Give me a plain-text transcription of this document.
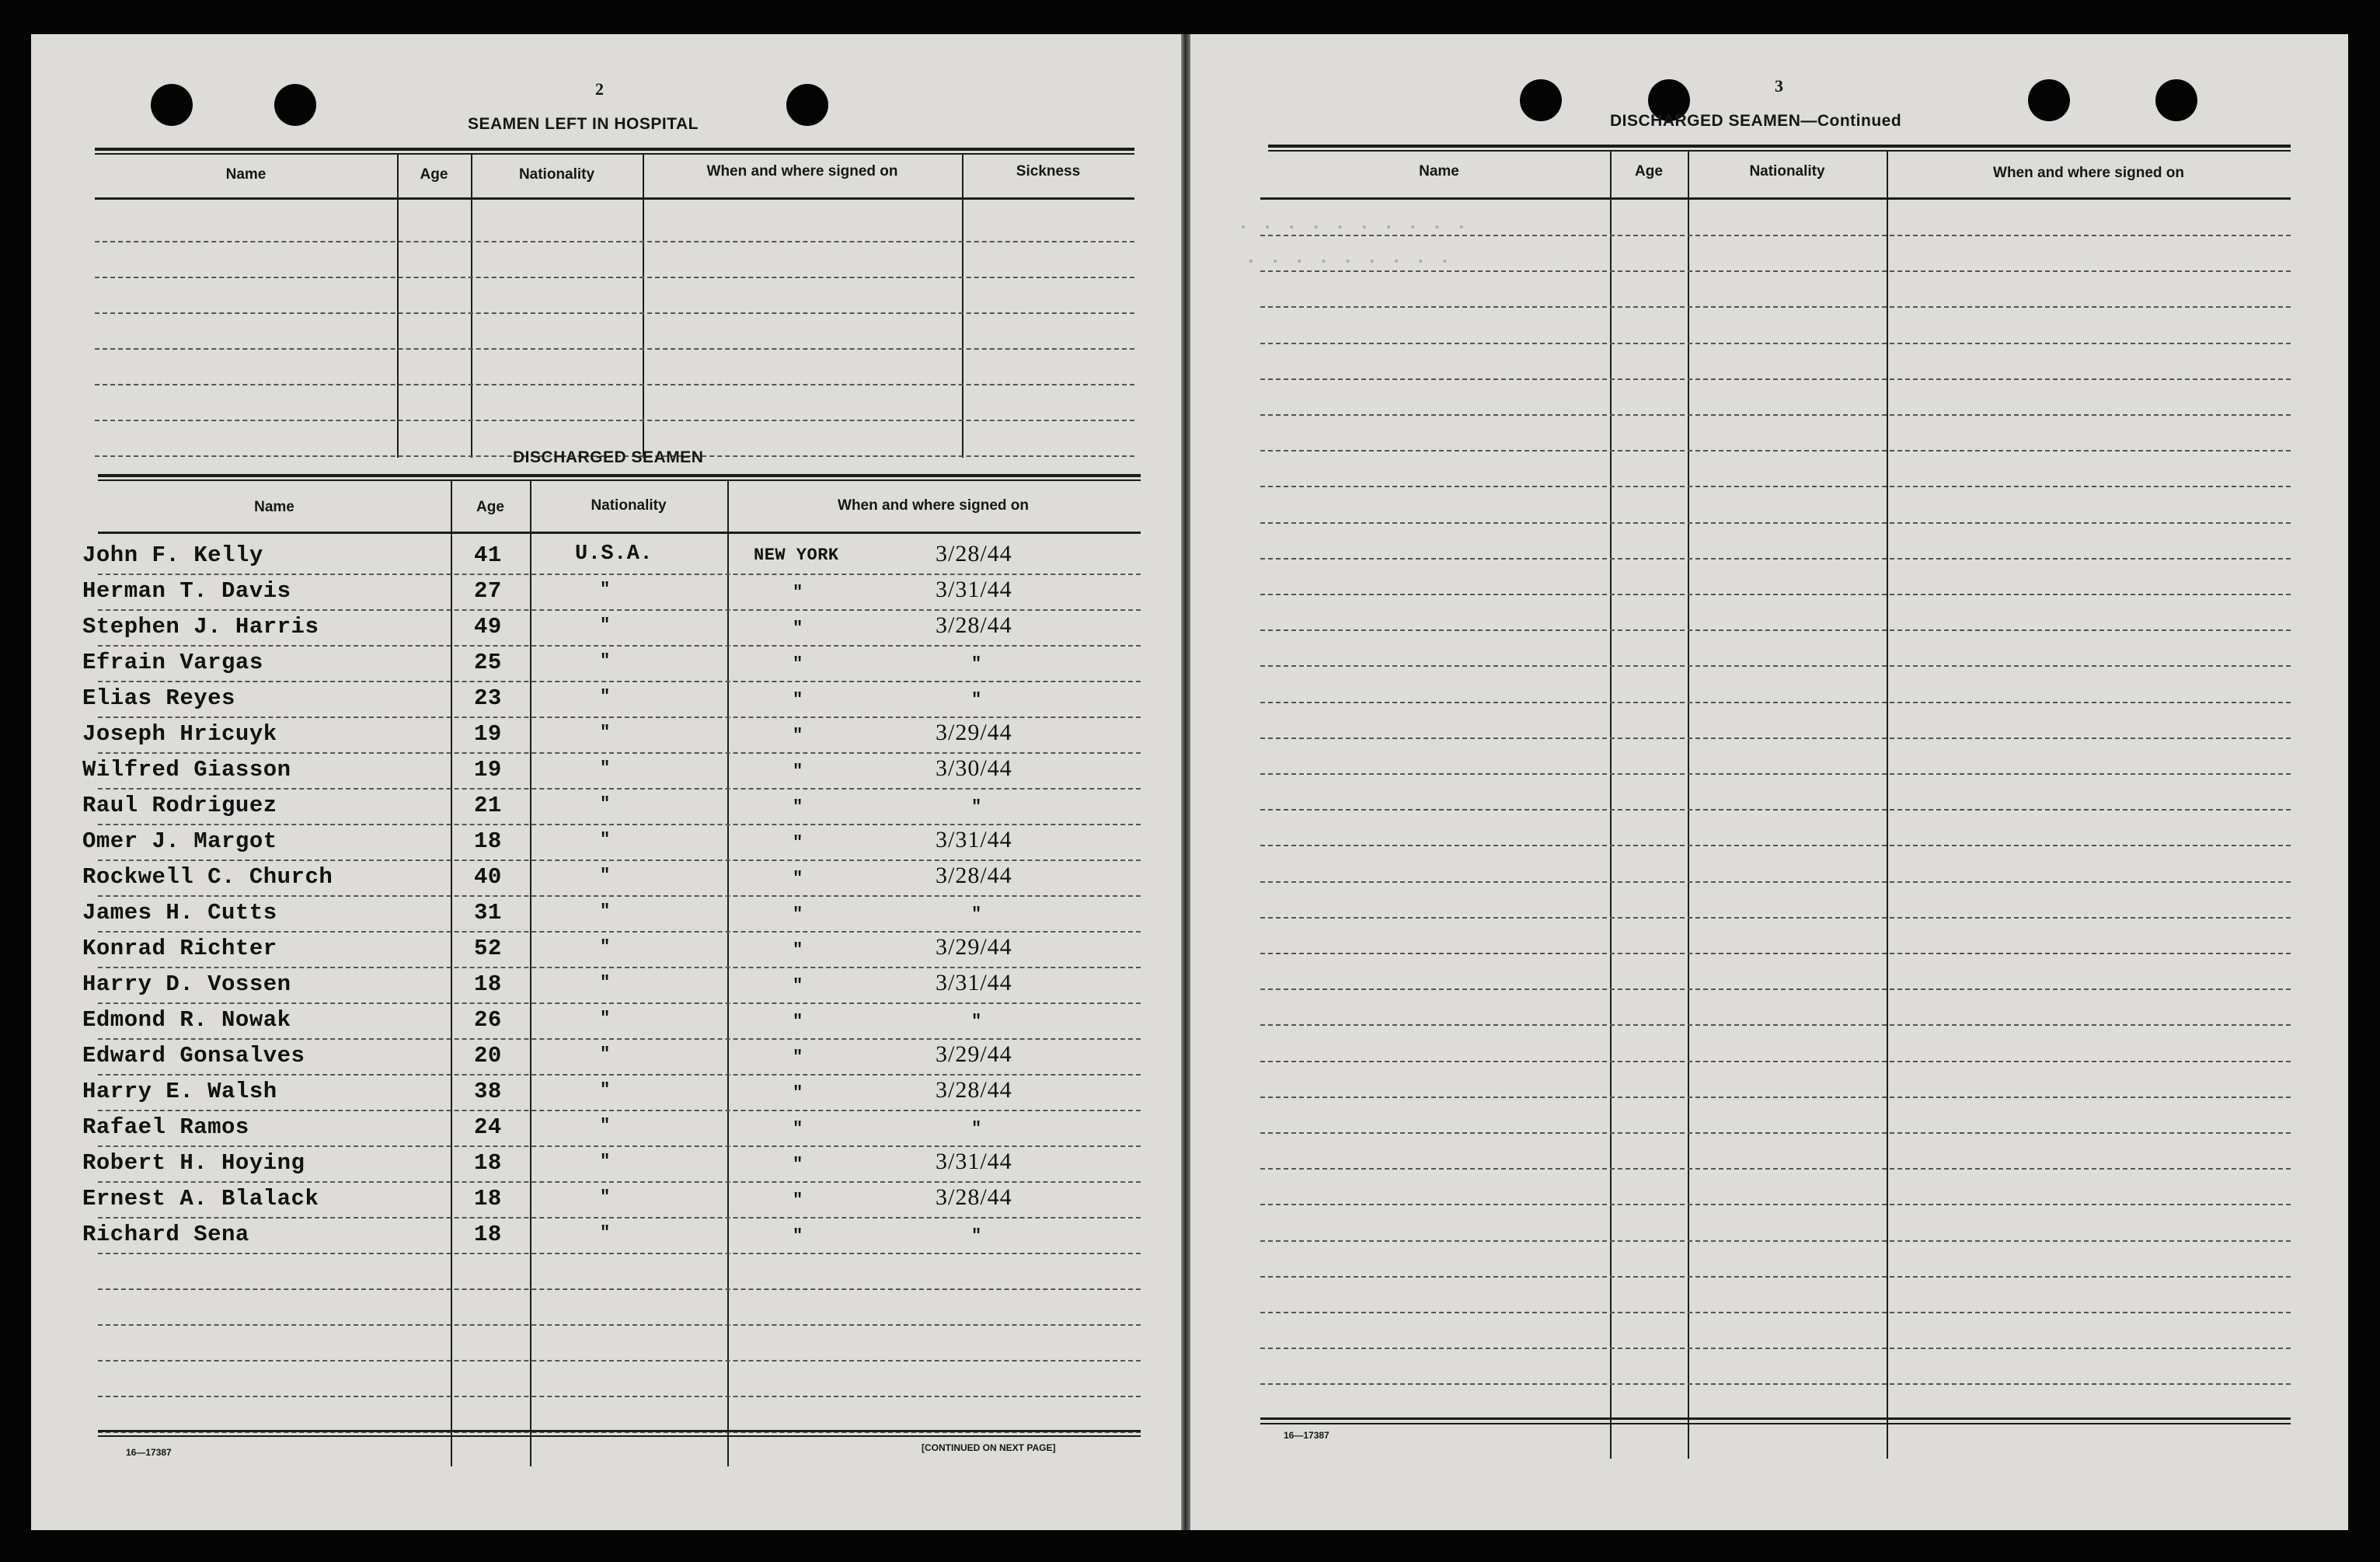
2
SEAMEN LEFT IN HOSPITAL
Name	Age	Nationality	When and where signed on	Sickness
DISCHARGED SEAMEN
Name	Age	Nationality	When and where signed on
John F. Kelly	41	U.S.A.	NEW YORK	3/28/44
Herman T. Davis	27	"	"	3/31/44
Stephen J. Harris	49	"	"	3/28/44
Efrain Vargas	25	"	"	"
Elias Reyes	23	"	"	"
Joseph Hricuyk	19	"	"	3/29/44
Wilfred Giasson	19	"	"	3/30/44
Raul Rodriguez	21	"	"	"
Omer J. Margot	18	"	"	3/31/44
Rockwell C. Church	40	"	"	3/28/44
James H. Cutts	31	"	"	"
Konrad Richter	52	"	"	3/29/44
Harry D. Vossen	18	"	"	3/31/44
Edmond R. Nowak	26	"	"	"
Edward Gonsalves	20	"	"	3/29/44
Harry E. Walsh	38	"	"	3/28/44
Rafael Ramos	24	"	"	"
Robert H. Hoying	18	"	"	3/31/44
Ernest A. Blalack	18	"	"	3/28/44
Richard Sena	18	"	"	"
16—17387	[CONTINUED ON NEXT PAGE]
3
DISCHARGED SEAMEN—Continued
Name	Age	Nationality	When and where signed on
. . . . . . . . . .
. . . . . . . . .
16—17387
